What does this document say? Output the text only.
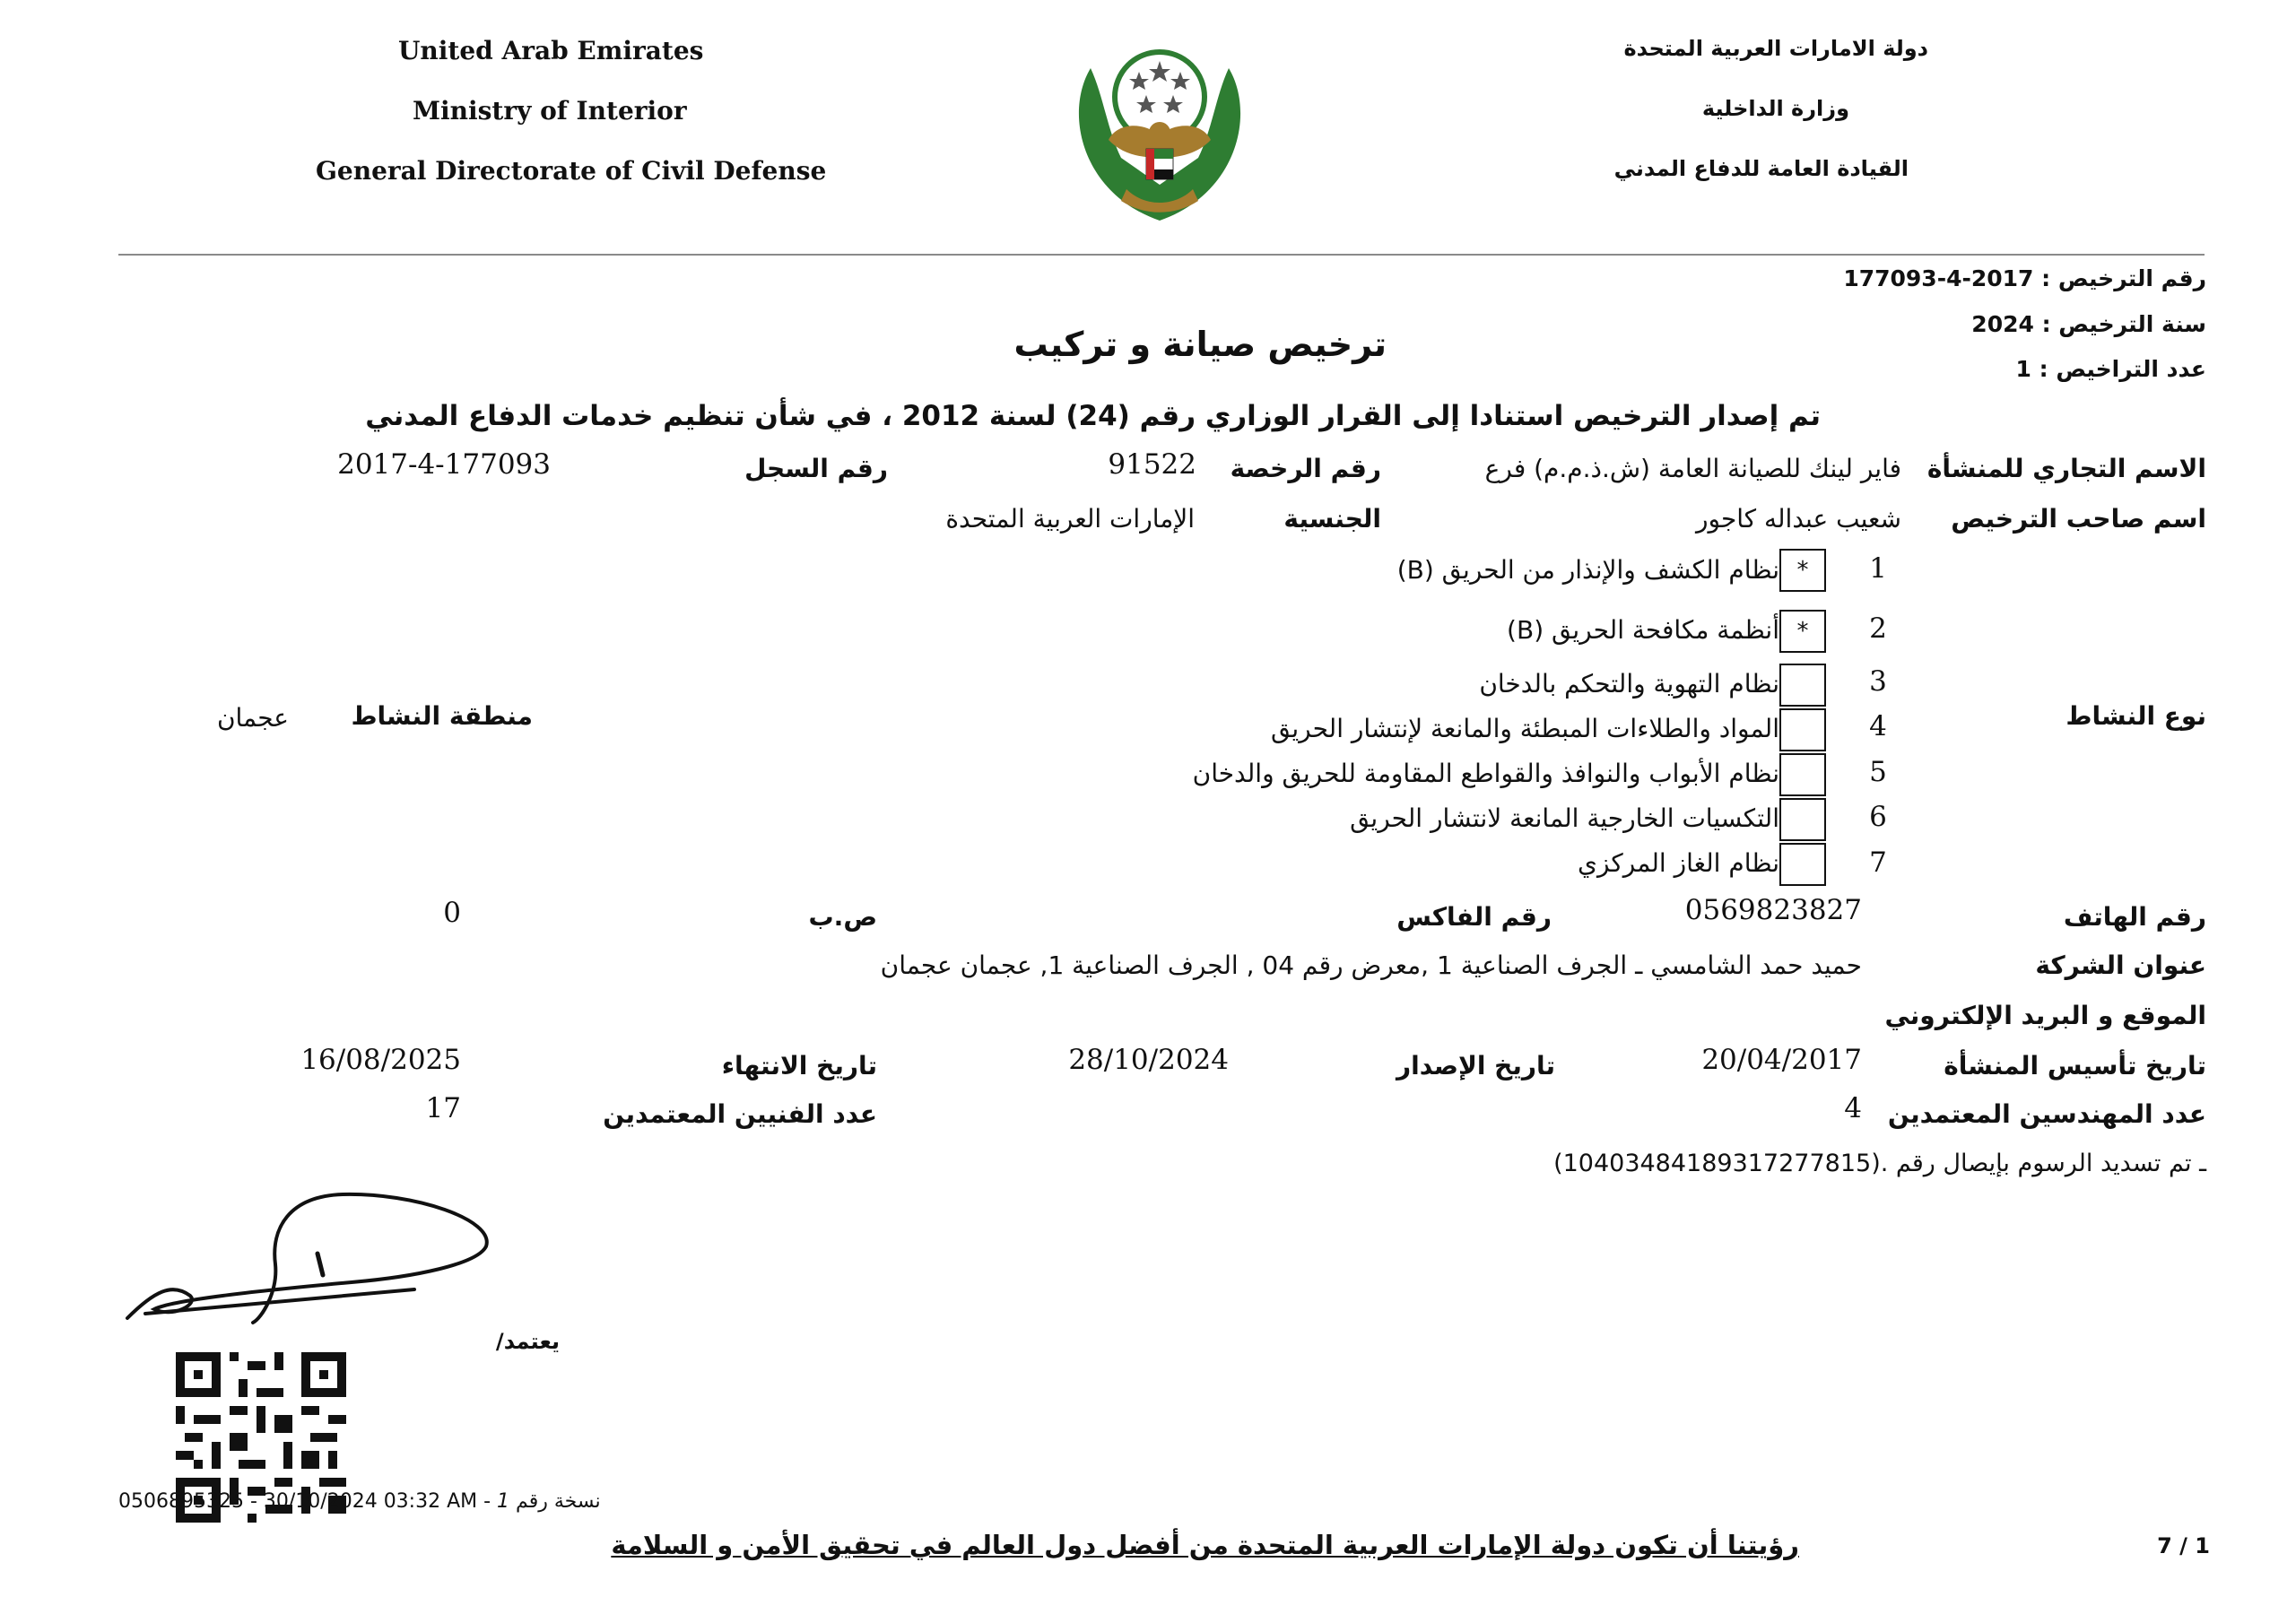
United Arab Emirates
Ministry of Interior
General Directorate of Civil Defense
دولة الامارات العربية المتحدة
وزارة الداخلية
القيادة العامة للدفاع المدني
رقم الترخيص : 2017-4-177093
سنة الترخيص : 2024
عدد التراخيص : 1
ترخيص صيانة و تركيب
تم إصدار الترخيص استنادا إلى القرار الوزاري رقم (24) لسنة 2012 ، في شأن تنظيم خدمات الدفاع المدني
الاسم التجاري للمنشأة
فاير لينك للصيانة العامة (ش.ذ.م.م) فرع
رقم الرخصة
91522
رقم السجل
2017-4-177093
اسم صاحب الترخيص
شعيب عبداله كاجور
الجنسية
الإمارات العربية المتحدة
نوع النشاط
منطقة النشاط
عجمان
1
*
نظام الكشف والإنذار من الحريق (B)
2
*
أنظمة مكافحة الحريق (B)
3
نظام التهوية والتحكم بالدخان
4
المواد والطلاءات المبطئة والمانعة لإنتشار الحريق
5
نظام الأبواب والنوافذ والقواطع المقاومة للحريق والدخان
6
التكسيات الخارجية المانعة لانتشار الحريق
7
نظام الغاز المركزي
رقم الهاتف
0569823827
رقم الفاكس
ص.ب
0
عنوان الشركة
حميد حمد الشامسي ـ الجرف الصناعية 1 ,معرض رقم 04 , الجرف الصناعية 1, عجمان عجمان
الموقع و البريد الإلكتروني
تاريخ تأسيس المنشأة
20/04/2017
تاريخ الإصدار
28/10/2024
تاريخ الانتهاء
16/08/2025
عدد المهندسين المعتمدين
4
عدد الفنيين المعتمدين
17
ـ تم تسديد الرسوم بإيصال رقم .(1040348418931727781​5)
يعتمد/
0506895325 - 30/10/2024 03:32 AM - 1 نسخة رقم
رؤيتنا أن تكون دولة الإمارات العربية المتحدة من أفضل دول العالم في تحقيق الأمن و السلامة	7 / 1
